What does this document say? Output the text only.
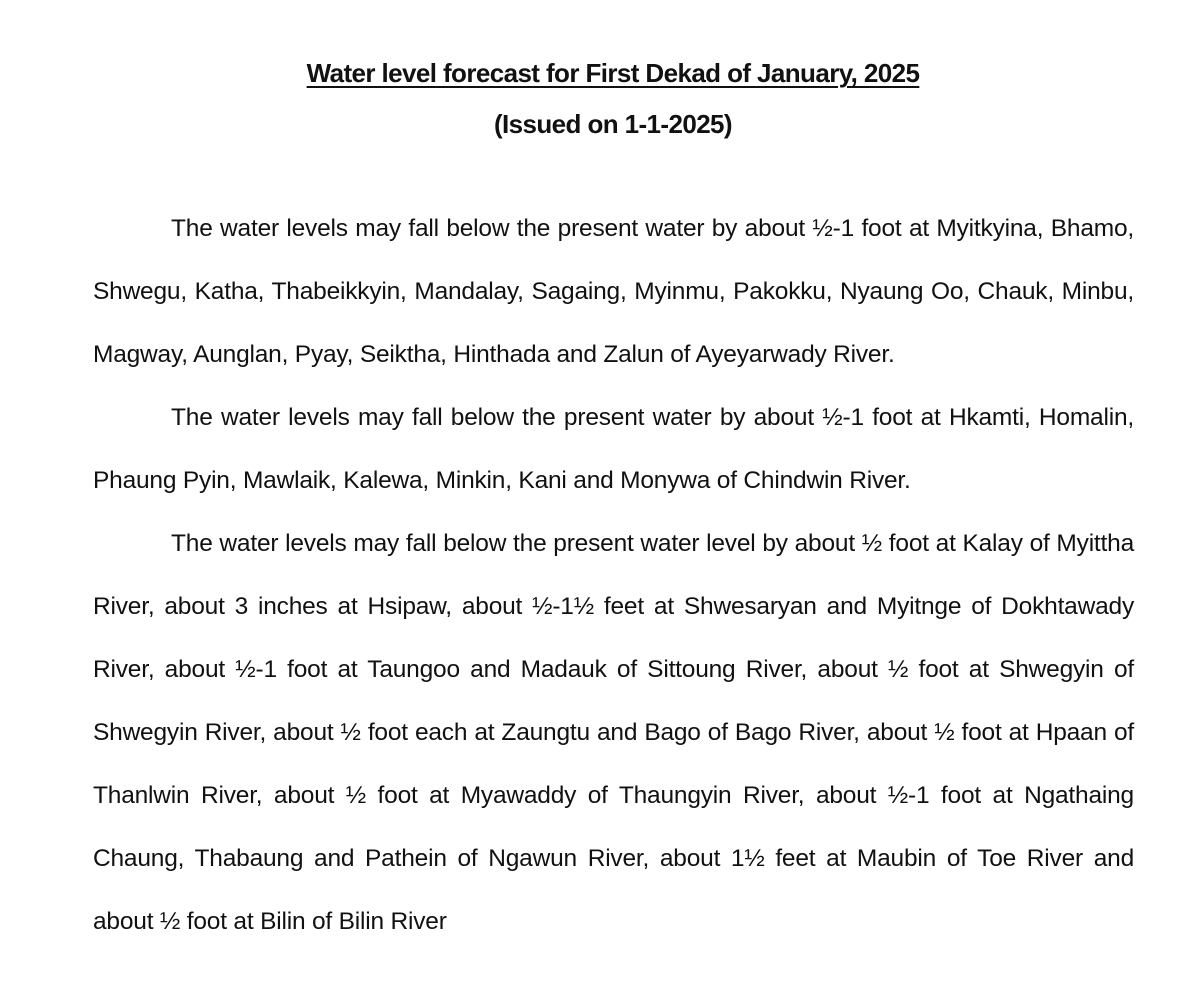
Water level forecast for First Dekad of January, 2025
(Issued on 1-1-2025)

The water levels may fall below the present water by about ½-1 foot at Myitkyina, Bhamo, Shwegu, Katha, Thabeikkyin, Mandalay, Sagaing, Myinmu, Pakokku, Nyaung Oo, Chauk, Minbu, Magway, Aunglan, Pyay, Seiktha, Hinthada and Zalun of Ayeyarwady River.

The water levels may fall below the present water by about ½-1 foot at Hkamti, Homalin, Phaung Pyin, Mawlaik, Kalewa, Minkin, Kani and Monywa of Chindwin River.

The water levels may fall below the present water level by about ½ foot at Kalay of Myittha River, about 3 inches at Hsipaw, about ½-1½ feet at Shwesaryan and Myitnge of Dokhtawady River, about ½-1 foot at Taungoo and Madauk of Sittoung River, about ½ foot at Shwegyin of Shwegyin River, about ½ foot each at Zaungtu and Bago of Bago River, about ½ foot at Hpaan of Thanlwin River, about ½ foot at Myawaddy of Thaungyin River, about ½-1 foot at Ngathaing Chaung, Thabaung and Pathein of Ngawun River, about 1½ feet at Maubin of Toe River and about ½ foot at Bilin of Bilin River
